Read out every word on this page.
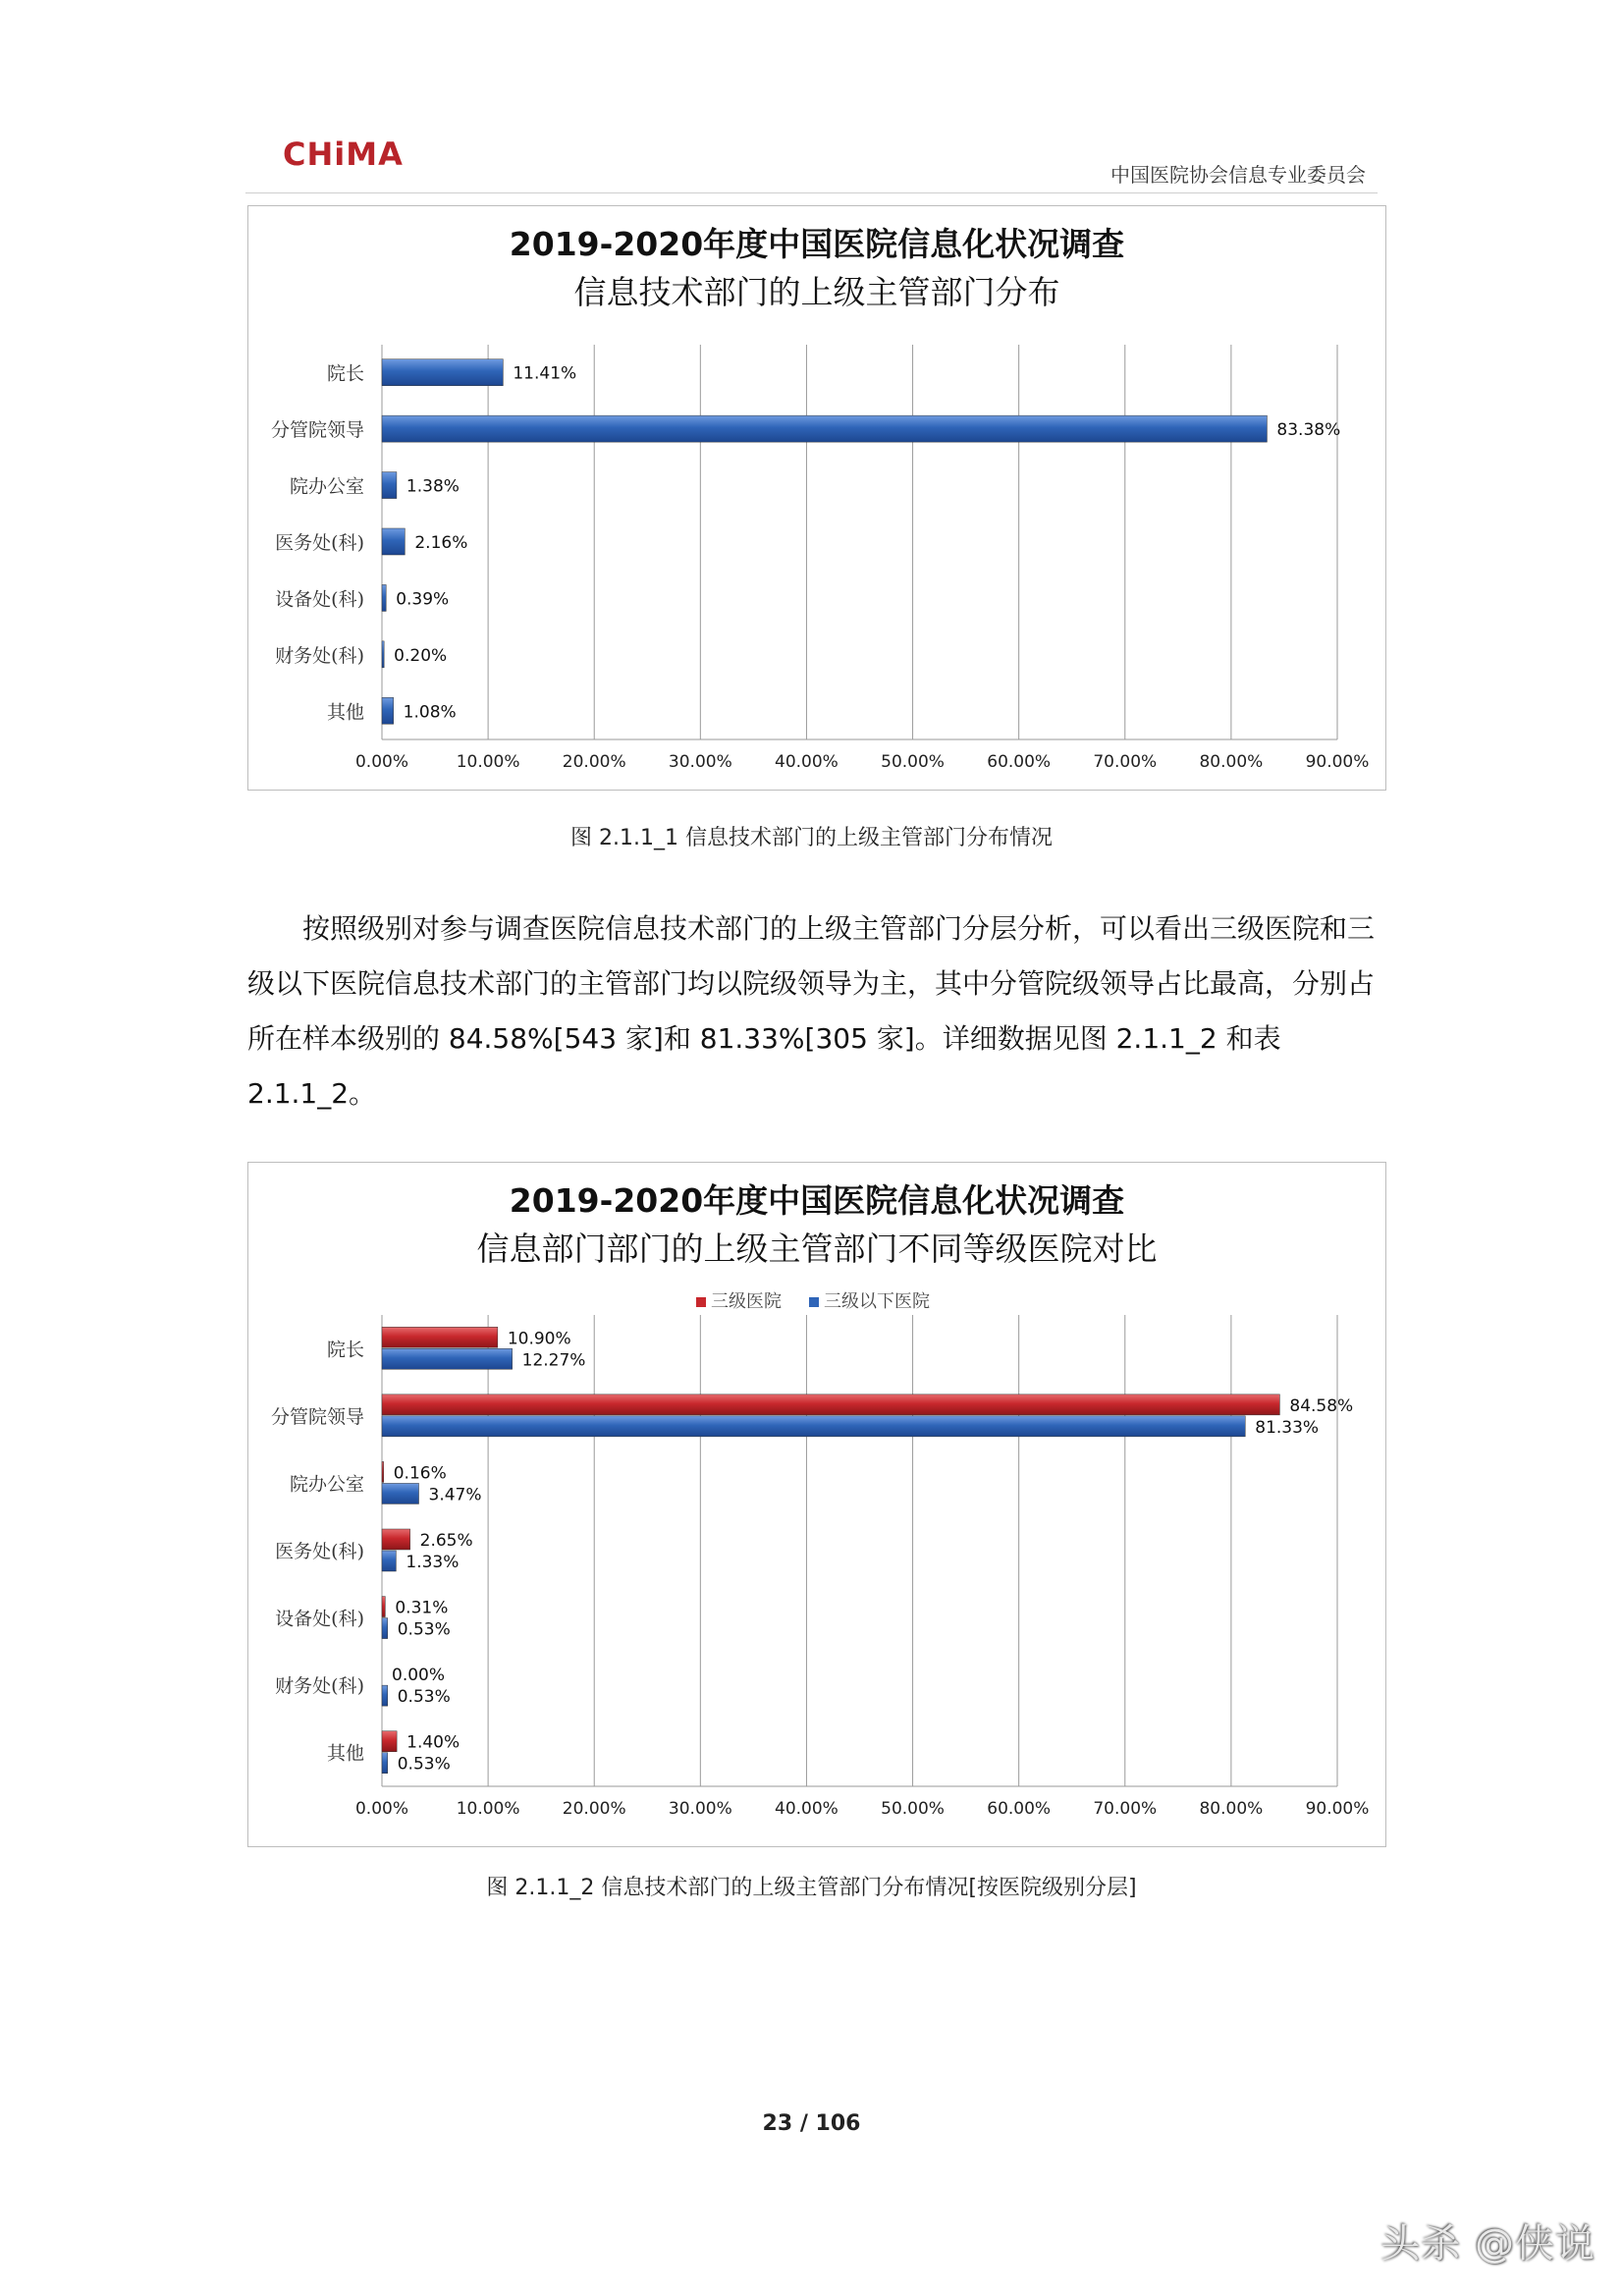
CHiMA
中国医院协会信息专业委员会
2019-2020年度中国医院信息化状况调查
信息技术部门的上级主管部门分布
0.00%	10.00%	20.00%	30.00%	40.00%	50.00%	60.00%	70.00%	80.00%	90.00%
院长	11.41%
分管院领导	83.38%
院办公室	1.38%
医务处(科)	2.16%
设备处(科) 0.39%
财务处(科) 0.20%
其他 1.08%
图 2.1.1_1 信息技术部门的上级主管部门分布情况
按照级别对参与调查医院信息技术部门的上级主管部门分层分析，可以看出三级医院和三级以下医院信息技术部门的主管部门均以院级领导为主，其中分管院级领导占比最高，分别占所在样本级别的 84.58%[543 家]和 81.33%[305 家]。详细数据见图 2.1.1_2 和表 2.1.1_2。
2019-2020年度中国医院信息化状况调查
信息部门部门的上级主管部门不同等级医院对比
0.00%	10.00%	20.00%	30.00%	40.00%	50.00%	60.00%	70.00%	80.00%	90.00%
院长	10.90%
12.27%
分管院领导	84.58%
81.33%
院办公室 0.16%
3.47%
医务处(科)	2.65%
1.33%
设备处(科) 0.31%
0.53%
财务处(科) 0.00%
0.53%
其他	1.40%
0.53%
三级医院 三级以下医院
图 2.1.1_2 信息技术部门的上级主管部门分布情况[按医院级别分层]
23 / 106
头杀 @侠说
